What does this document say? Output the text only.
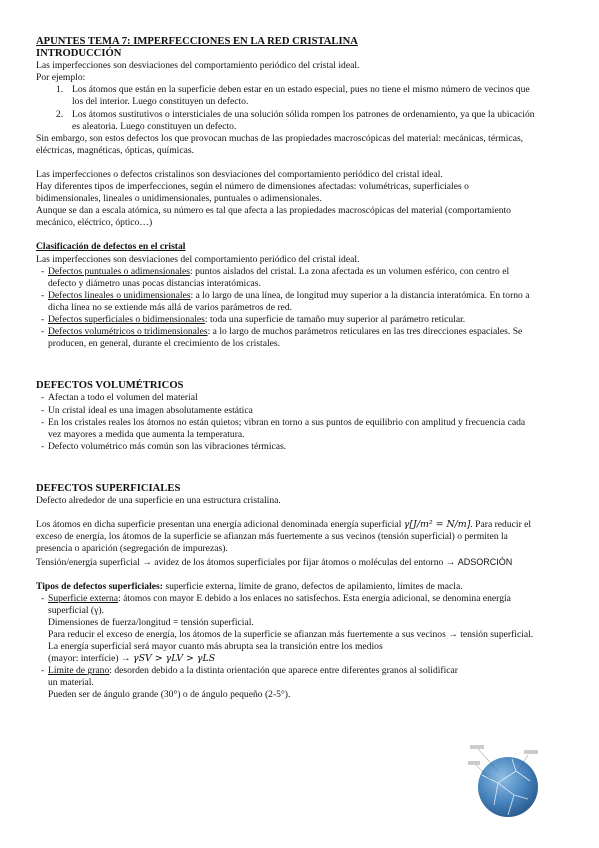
APUNTES TEMA 7: IMPERFECCIONES EN LA RED CRISTALINA

INTRODUCCIÓN

Las imperfecciones son desviaciones del comportamiento periódico del cristal ideal.

Por ejemplo:

1. Los átomos que están en la superficie deben estar en un estado especial, pues no tiene el mismo número de vecinos que los del interior. Luego constituyen un defecto.
2. Los átomos sustitutivos o intersticiales de una solución sólida rompen los patrones de ordenamiento, ya que la ubicación es aleatoria. Luego constituyen un defecto.

Sin embargo, son estos defectos los que provocan muchas de las propiedades macroscópicas del material: mecánicas, térmicas, eléctricas, magnéticas, ópticas, químicas.

Las imperfecciones o defectos cristalinos son desviaciones del comportamiento periódico del cristal ideal.

Hay diferentes tipos de imperfecciones, según el número de dimensiones afectadas: volumétricas, superficiales o bidimensionales, lineales o unidimensionales, puntuales o adimensionales.

Aunque se dan a escala atómica, su número es tal que afecta a las propiedades macroscópicas del material (comportamiento mecánico, eléctrico, óptico…)

Clasificación de defectos en el cristal

Las imperfecciones son desviaciones del comportamiento periódico del cristal ideal.

- Defectos puntuales o adimensionales: puntos aislados del cristal. La zona afectada es un volumen esférico, con centro el defecto y diámetro unas pocas distancias interatómicas.
- Defectos lineales o unidimensionales: a lo largo de una línea, de longitud muy superior a la distancia interatómica. En torno a dicha línea no se extiende más allá de varios parámetros de red.
- Defectos superficiales o bidimensionales: toda una superficie de tamaño muy superior al parámetro reticular.
- Defectos volumétricos o tridimensionales: a lo largo de muchos parámetros reticulares en las tres direcciones espaciales. Se producen, en general, durante el crecimiento de los cristales.

DEFECTOS VOLUMÉTRICOS

- Afectan a todo el volumen del material
- Un cristal ideal es una imagen absolutamente estática
- En los cristales reales los átomos no están quietos; vibran en torno a sus puntos de equilibrio con amplitud y frecuencia cada vez mayores a medida que aumenta la temperatura.
- Defecto volumétrico más común son las vibraciones térmicas.

DEFECTOS SUPERFICIALES

Defecto alrededor de una superficie en una estructura cristalina.

Los átomos en dicha superficie presentan una energía adicional denominada energía superficial γ[J/m² = N/m]. Para reducir el exceso de energía, los átomos de la superficie se afianzan más fuertemente a sus vecinos (tensión superficial) o permiten la presencia o aparición (segregación de impurezas).

Tensión/energía superficial → avidez de los átomos superficiales por fijar átomos o moléculas del entorno → ADSORCIÓN

Tipos de defectos superficiales: superficie externa, límite de grano, defectos de apilamiento, límites de macla.

- Superficie externa: átomos con mayor E debido a los enlaces no satisfechos. Esta energía adicional, se denomina energía superficial (γ).
Dimensiones de fuerza/longitud = tensión superficial.
Para reducir el exceso de energía, los átomos de la superficie se afianzan más fuertemente a sus vecinos → tensión superficial.
La energía superficial será mayor cuanto más abrupta sea la transición entre los medios
(mayor: interfície) → γSV > γLV > γLS
- Límite de grano: desorden debido a la distinta orientación que aparece entre diferentes granos al solidificar un material.
Pueden ser de ángulo grande (30°) o de ángulo pequeño (2-5°).
